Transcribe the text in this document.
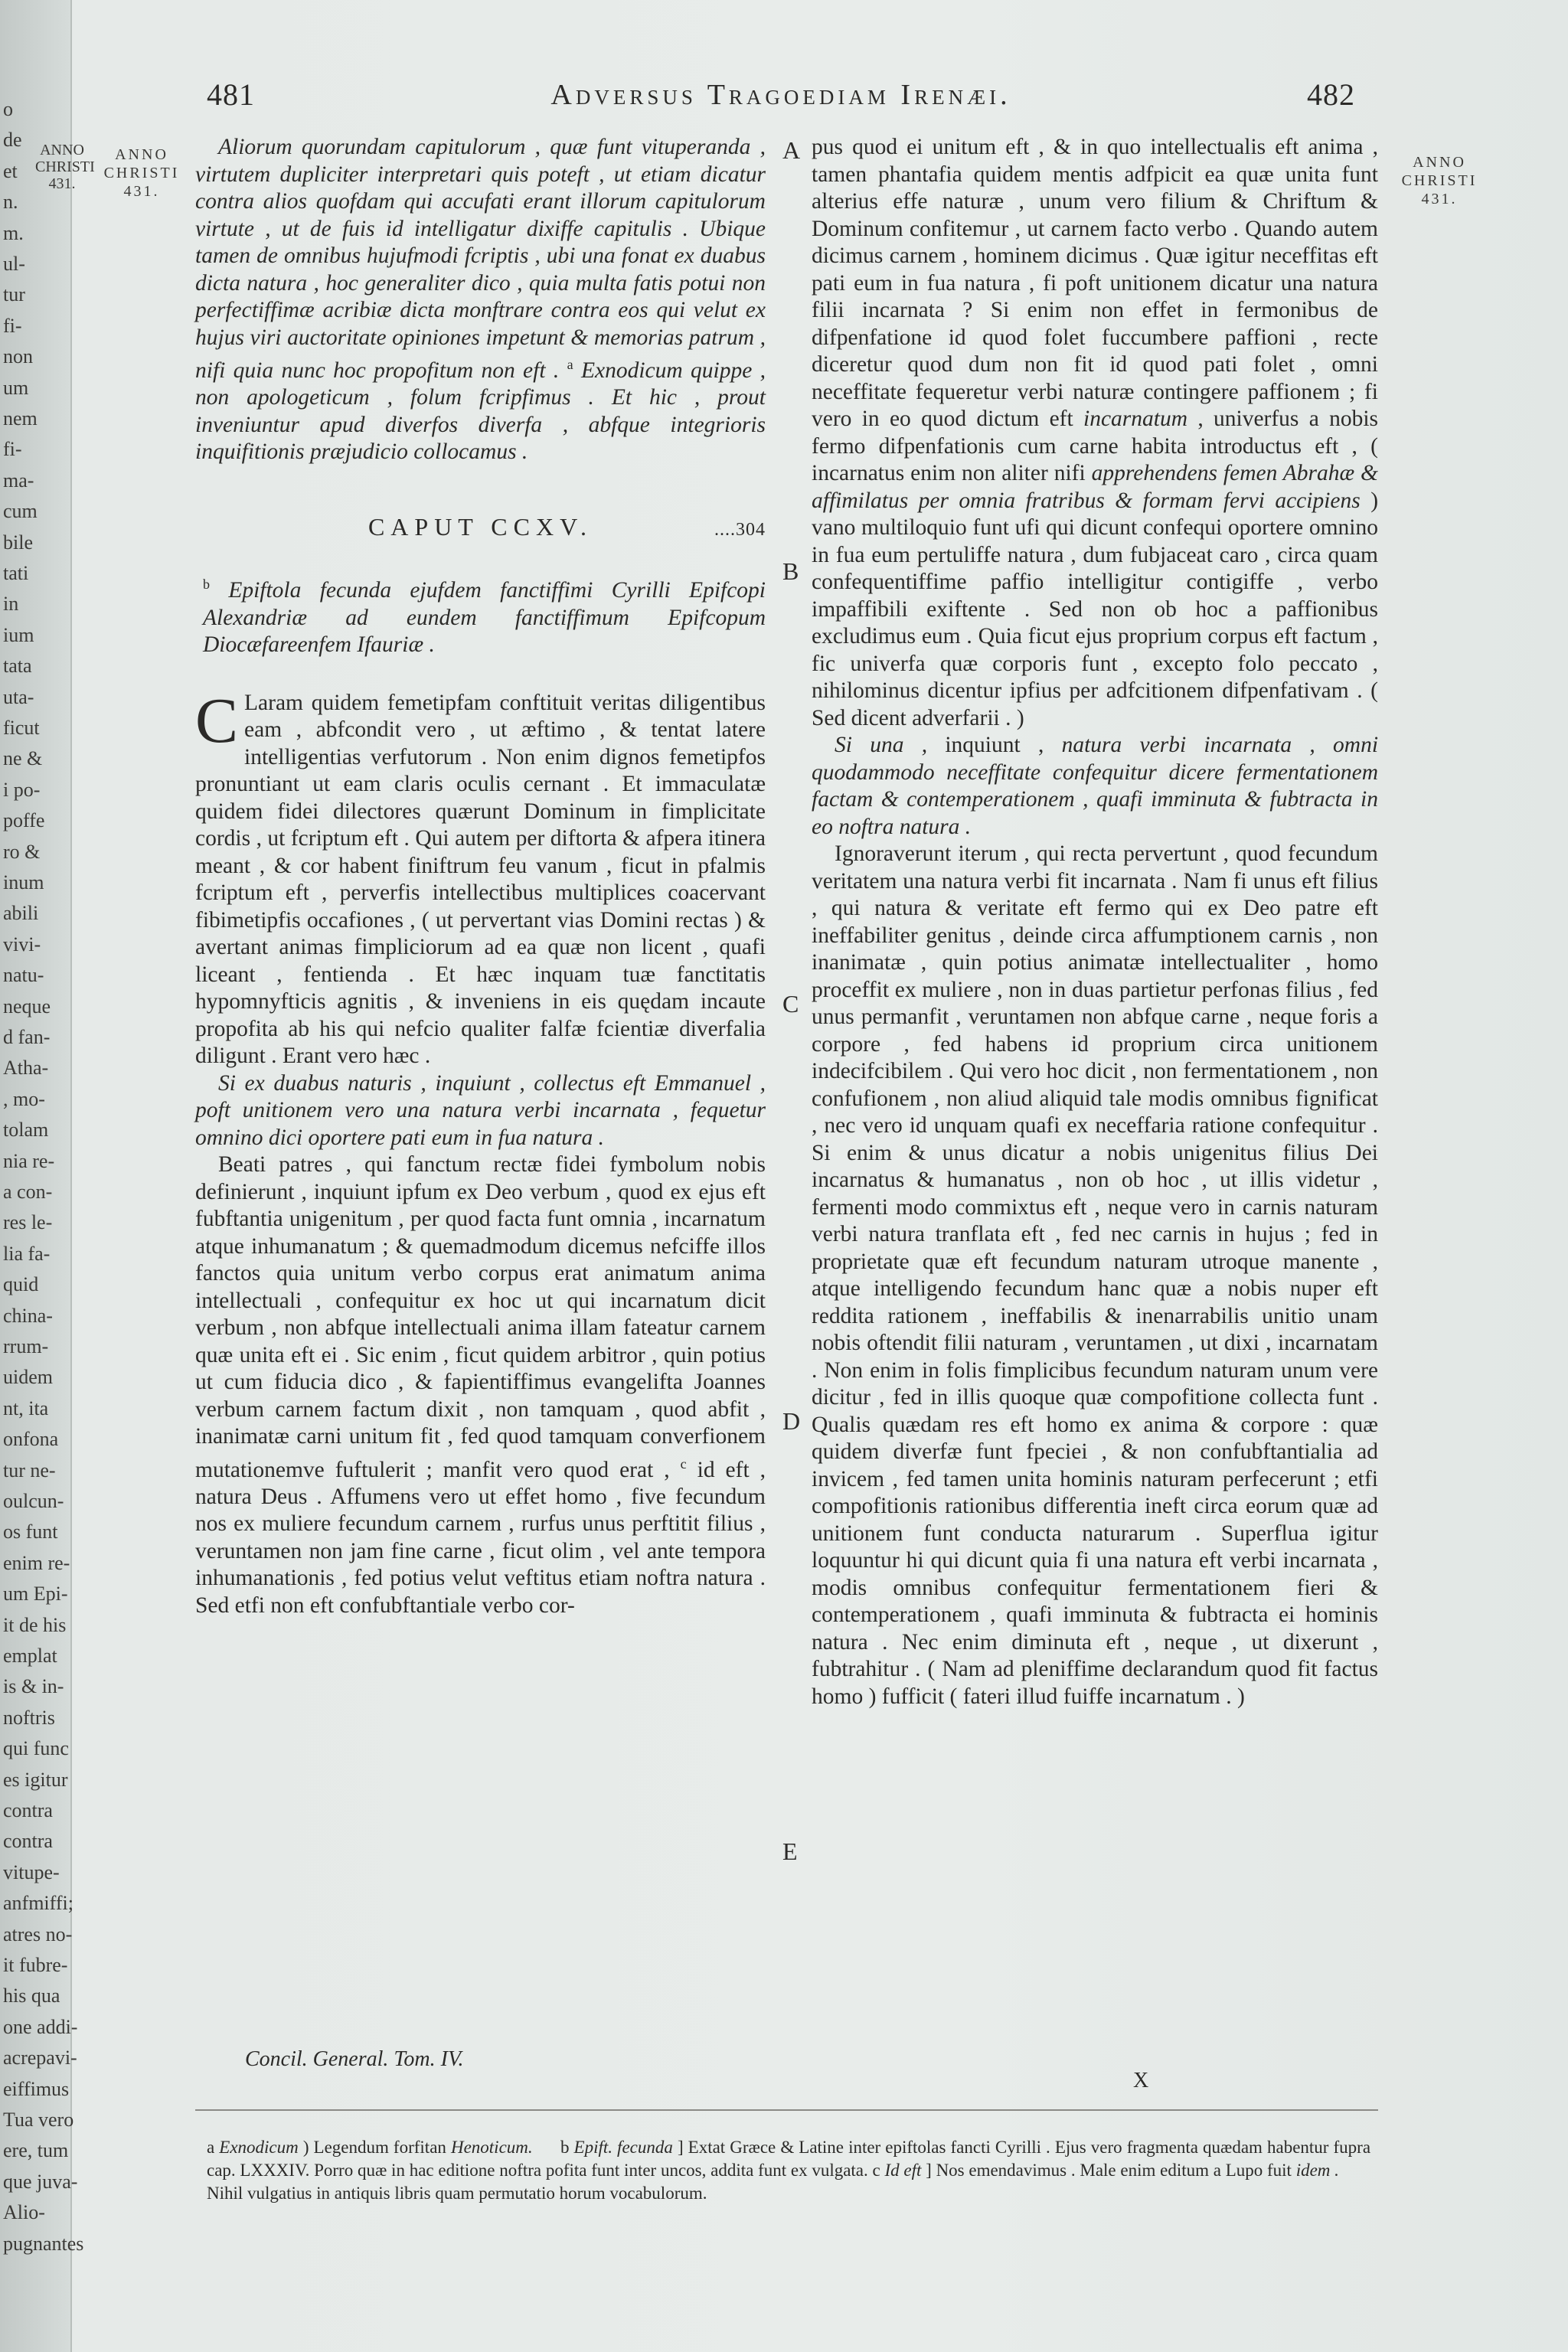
o
de
et
n.
m.
ul-
tur
fi-
non
um
nem
fi-
ma-
cum
bile
tati
in
ium
tata
uta-
ficut
ne &
i po-
poffe
ro &
inum
abili
vivi-
natu-
neque
d fan-
Atha-
, mo-
tolam
nia re-
a con-
res le-
lia fa-
quid
china-
rrum-
uidem
nt, ita
onfona
tur ne-
oulcun-
os funt
enim re-
um Epi-
it de his
emplat
is & in-
noftris
qui func
es igitur
contra
contra
vitupe-
anfmiffi;
atres no-
it fubre-
his qua
one addi-
acrepavi-
eiffimus
Tua vero
ere, tum
que juva-
Alio-
pugnantes
ANNO
CHRISTI
431.
481	Adversus Tragoediam Irenæi.	482
ANNO
CHRISTI
431.
ANNO
CHRISTI
431.
A
B
C
D
E

Aliorum quorundam capitulorum , quæ funt vituperanda , virtutem dupliciter interpretari quis poteft , ut etiam dicatur contra alios quofdam qui accufati erant illorum capitulorum virtute , ut de fuis id intelligatur dixiffe capitulis . Ubique tamen de omnibus hujufmodi fcriptis , ubi una fonat ex duabus dicta natura , hoc generaliter dico , quia multa fatis potui non perfectiffimæ acribiæ dicta monftrare contra eos qui velut ex hujus viri auctoritate opiniones impetunt & memorias patrum , nifi quia nunc hoc propofitum non eft . $^a$ Exnodicum quippe , non apologeticum , folum fcripfimus . Et hic , prout inveniuntur apud diverfos diverfa , abfque integrioris inquifitionis præjudicio collocamus .

CAPUT CCXV.	....304

$^b$ Epiftola fecunda ejufdem fanctiffimi Cyrilli Epifcopi Alexandriæ ad eundem fanctiffimum Epifcopum Diocæfareenfem Ifauriæ .

C Laram quidem femetipfam conftituit veritas diligentibus eam , abfcondit vero , ut æftimo , & tentat latere intelligentias verfutorum . Non enim dignos femetipfos pronuntiant ut eam claris oculis cernant . Et immaculatæ quidem fidei dilectores quærunt Dominum in fimplicitate cordis , ut fcriptum eft . Qui autem per diftorta & afpera itinera meant , & cor habent finiftrum feu vanum , ficut in pfalmis fcriptum eft , perverfis intellectibus multiplices coacervant fibimetipfis occafiones , ( ut pervertant vias Domini rectas ) & avertant animas fimpliciorum ad ea quæ non licent , quafi liceant , fentienda . Et hæc inquam tuæ fanctitatis hypomnyfticis agnitis , & inveniens in eis quędam incaute propofita ab his qui nefcio qualiter falfæ fcientiæ diverfalia diligunt . Erant vero hæc .

Si ex duabus naturis , inquiunt , collectus eft Emmanuel , poft unitionem vero una natura verbi incarnata , fequetur omnino dici oportere pati eum in fua natura .

Beati patres , qui fanctum rectæ fidei fymbolum nobis definierunt , inquiunt ipfum ex Deo verbum , quod ex ejus eft fubftantia unigenitum , per quod facta funt omnia , incarnatum atque inhumanatum ; & quemadmodum dicemus nefciffe illos fanctos quia unitum verbo corpus erat animatum anima intellectuali , confequitur ex hoc ut qui incarnatum dicit verbum , non abfque intellectuali anima illam fateatur carnem quæ unita eft ei . Sic enim , ficut quidem arbitror , quin potius ut cum fiducia dico , & fapientiffimus evangelifta Joannes verbum carnem factum dixit , non tamquam , quod abfit , inanimatæ carni unitum fit , fed quod tamquam converfionem mutationemve fuftulerit ; manfit vero quod erat , $^c$ id eft , natura Deus . Affumens vero ut effet homo , five fecundum nos ex muliere fecundum carnem , rurfus unus perftitit filius , veruntamen non jam fine carne , ficut olim , vel ante tempora inhumanationis , fed potius velut veftitus etiam noftra natura . Sed etfi non eft confubftantiale verbo cor-

pus quod ei unitum eft , & in quo intellectualis eft anima , tamen phantafia quidem mentis adfpicit ea quæ unita funt alterius effe naturæ , unum vero filium & Chriftum & Dominum confitemur , ut carnem facto verbo . Quando autem dicimus carnem , hominem dicimus . Quæ igitur neceffitas eft pati eum in fua natura , fi poft unitionem dicatur una natura filii incarnata ? Si enim non effet in fermonibus de difpenfatione id quod folet fuccumbere paffioni , recte diceretur quod dum non fit id quod pati folet , omni neceffitate fequeretur verbi naturæ contingere paffionem ; fi vero in eo quod dictum eft incarnatum , univerfus a nobis fermo difpenfationis cum carne habita introductus eft , ( incarnatus enim non aliter nifi apprehendens femen Abrahæ & affimilatus per omnia fratribus & formam fervi accipiens ) vano multiloquio funt ufi qui dicunt confequi oportere omnino in fua eum pertuliffe natura , dum fubjaceat caro , circa quam confequentiffime paffio intelligitur contigiffe , verbo impaffibili exiftente . Sed non ob hoc a paffionibus excludimus eum . Quia ficut ejus proprium corpus eft factum , fic univerfa quæ corporis funt , excepto folo peccato , nihilominus dicentur ipfius per adfcitionem difpenfativam . ( Sed dicent adverfarii . )

Si una , inquiunt , natura verbi incarnata , omni quodammodo neceffitate confequitur dicere fermentationem factam & contemperationem , quafi imminuta & fubtracta in eo noftra natura .

Ignoraverunt iterum , qui recta pervertunt , quod fecundum veritatem una natura verbi fit incarnata . Nam fi unus eft filius , qui natura & veritate eft fermo qui ex Deo patre eft ineffabiliter genitus , deinde circa affumptionem carnis , non inanimatæ , quin potius animatæ intellectualiter , homo proceffit ex muliere , non in duas partietur perfonas filius , fed unus permanfit , veruntamen non abfque carne , neque foris a corpore , fed habens id proprium circa unitionem indecifcibilem . Qui vero hoc dicit , non fermentationem , non confufionem , non aliud aliquid tale modis omnibus fignificat , nec vero id unquam quafi ex neceffaria ratione confequitur . Si enim & unus dicatur a nobis unigenitus filius Dei incarnatus & humanatus , non ob hoc , ut illis videtur , fermenti modo commixtus eft , neque vero in carnis naturam verbi natura tranflata eft , fed nec carnis in hujus ; fed in proprietate quæ eft fecundum naturam utroque manente , atque intelligendo fecundum hanc quæ a nobis nuper eft reddita rationem , ineffabilis & inenarrabilis unitio unam nobis oftendit filii naturam , veruntamen , ut dixi , incarnatam . Non enim in folis fimplicibus fecundum naturam unum vere dicitur , fed in illis quoque quæ compofitione collecta funt . Qualis quædam res eft homo ex anima & corpore : quæ quidem diverfæ funt fpeciei , & non confubftantialia ad invicem , fed tamen unita hominis naturam perfecerunt ; etfi compofitionis rationibus differentia ineft circa eorum quæ ad unitionem funt conducta naturarum . Superflua igitur loquuntur hi qui dicunt quia fi una natura eft verbi incarnata , modis omnibus confequitur fermentationem fieri & contemperationem , quafi imminuta & fubtracta ei hominis natura . Nec enim diminuta eft , neque , ut dixerunt , fubtrahitur . ( Nam ad pleniffime declarandum quod fit factus homo ) fufficit ( fateri illud fuiffe incarnatum . )

Concil. General. Tom. IV.
X

a Exnodicum ) Legendum forfitan Henoticum. b Epift. fecunda ] Extat Græce & Latine inter epiftolas fancti Cyrilli . Ejus vero fragmenta quædam habentur fupra cap. LXXXIV. Porro quæ in hac editione noftra pofita funt inter uncos, addita funt ex vulgata. c Id eft ] Nos emendavimus . Male enim editum a Lupo fuit idem .

Nihil vulgatius in antiquis libris quam permutatio horum vocabulorum.
